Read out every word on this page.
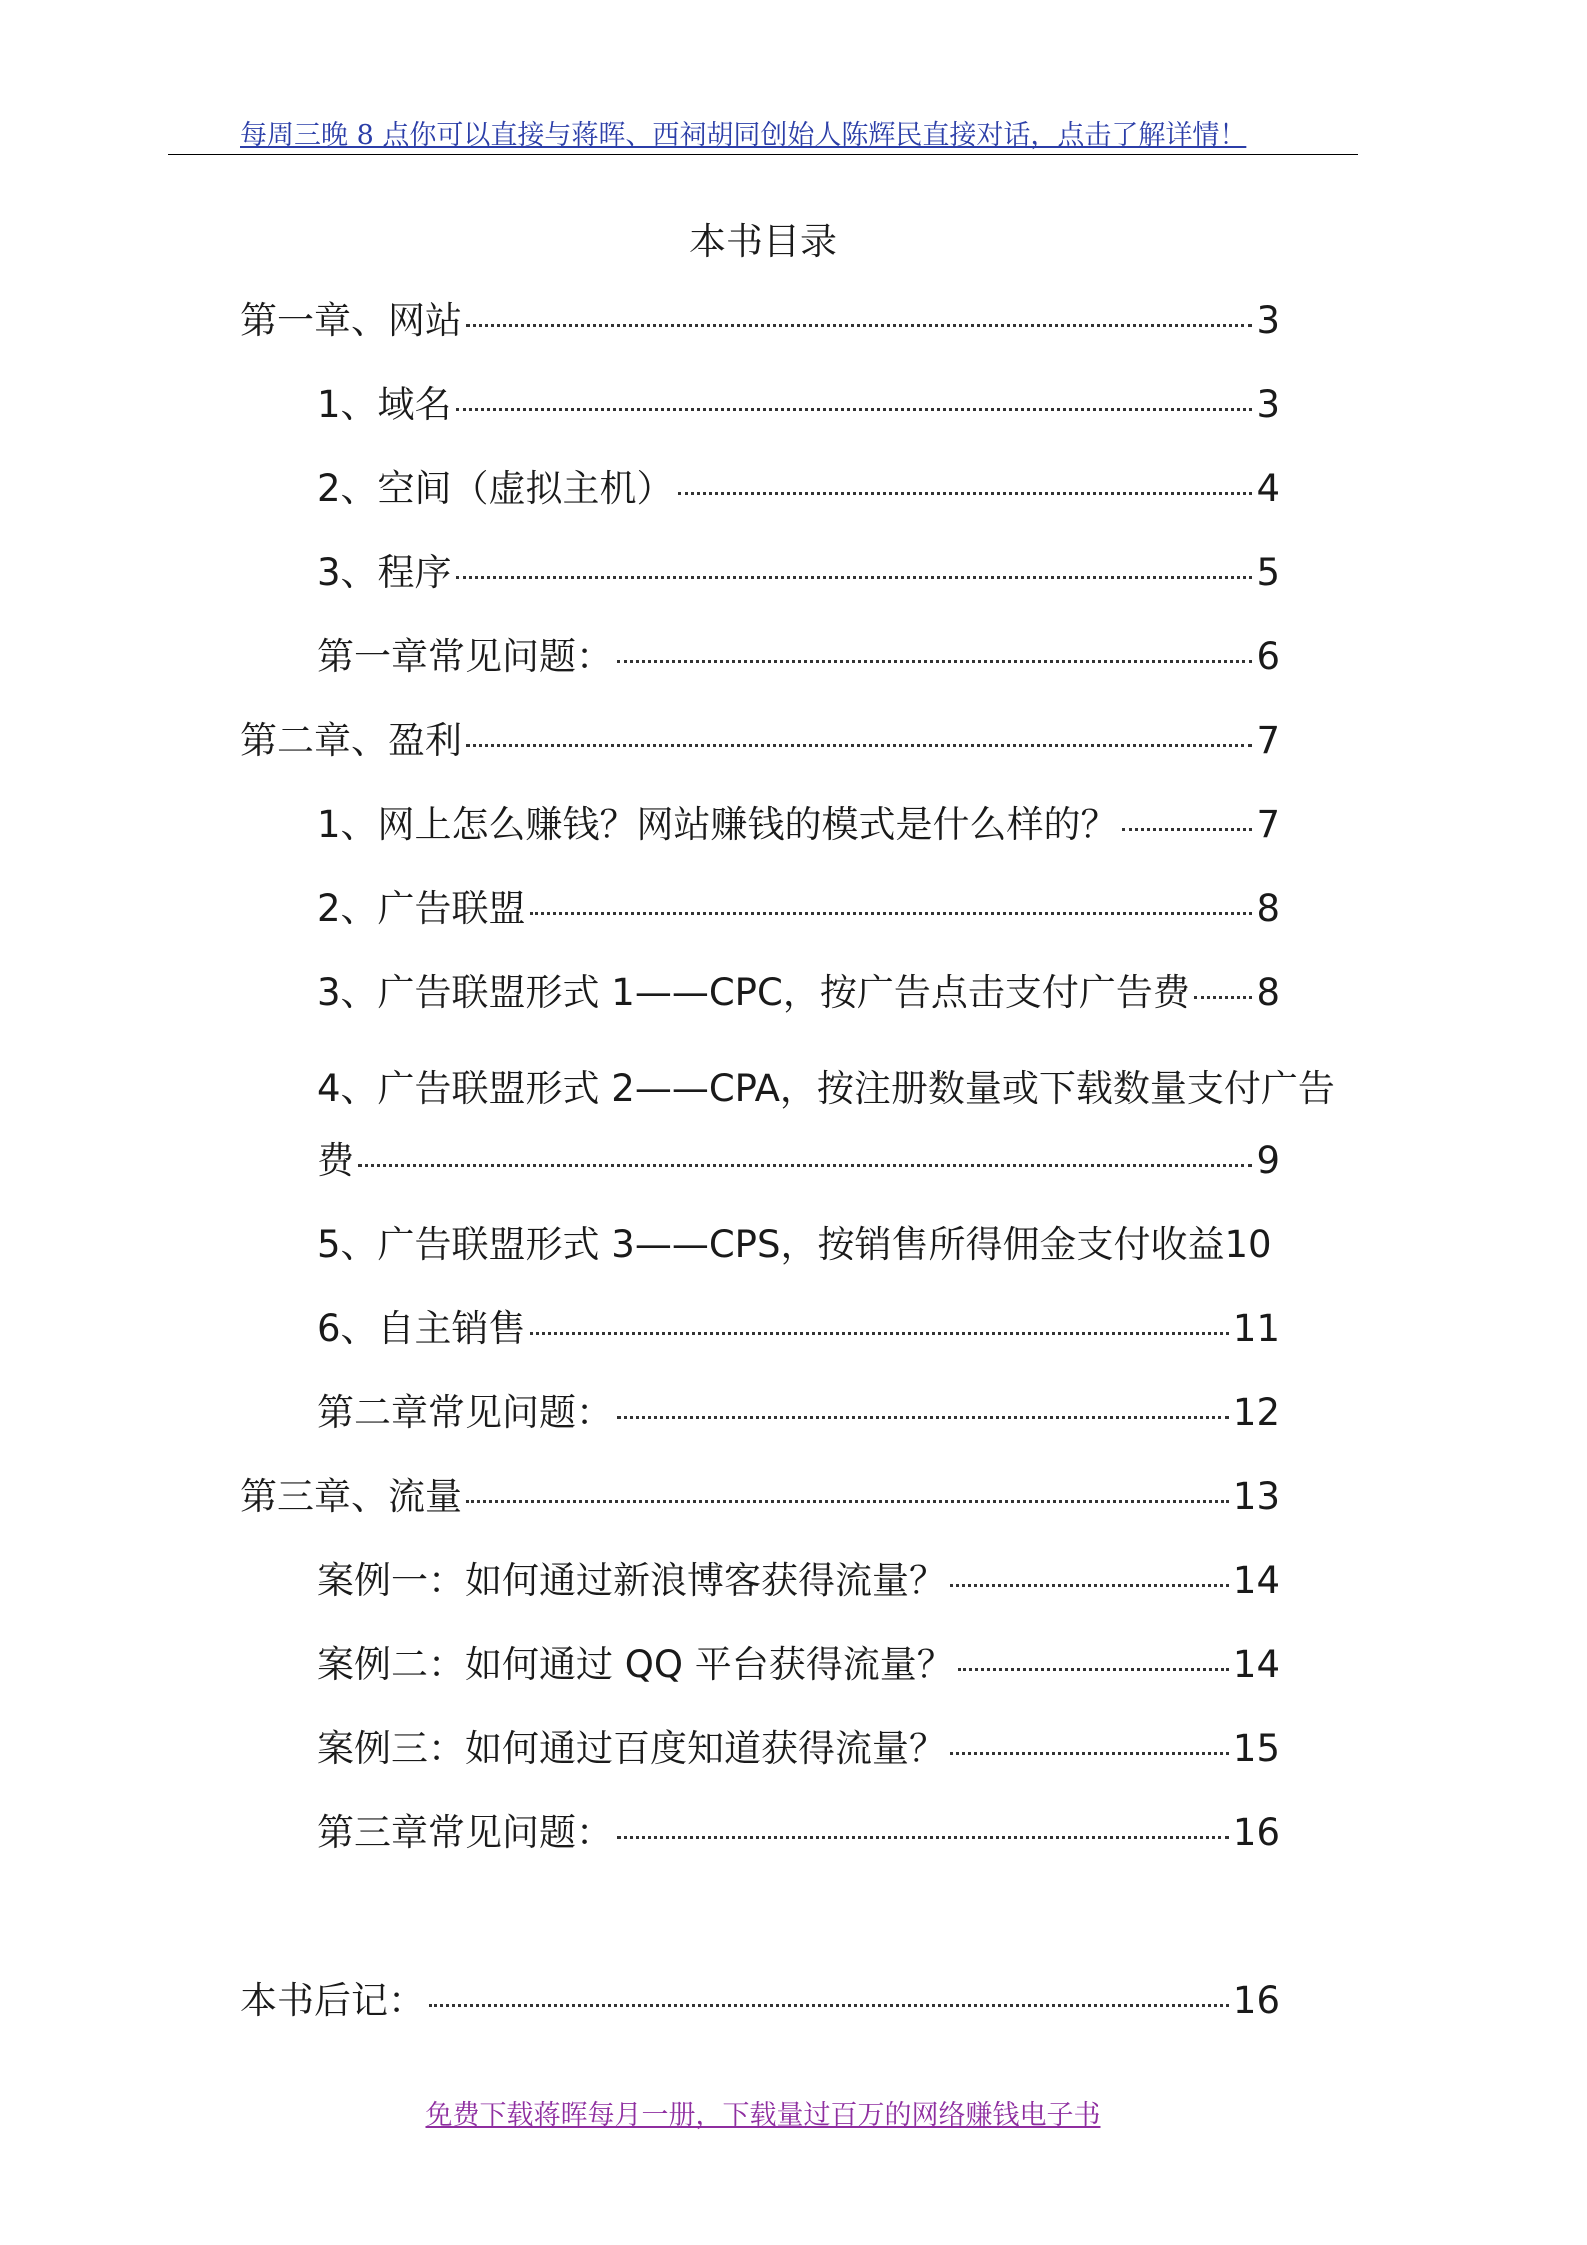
每周三晚 8 点你可以直接与蒋晖、西祠胡同创始人陈辉民直接对话，点击了解详情！
本书目录
第一章、网站	3
1、域名	3
2、空间（虚拟主机）	4
3、程序	5
第一章常见问题：	6
第二章、盈利	7
1、网上怎么赚钱？网站赚钱的模式是什么样的？	7
2、广告联盟	8
3、广告联盟形式 1——CPC，按广告点击支付广告费 8
4、广告联盟形式 2——CPA，按注册数量或下载数量支付广告
费	9
5、广告联盟形式 3——CPS，按销售所得佣金支付收益 10
6、自主销售	11
第二章常见问题：	12
第三章、流量	13
案例一：如何通过新浪博客获得流量？	14
案例二：如何通过 QQ 平台获得流量？	14
案例三：如何通过百度知道获得流量？	15
第三章常见问题：	16
本书后记：	16
免费下载蒋晖每月一册，下载量过百万的网络赚钱电子书
